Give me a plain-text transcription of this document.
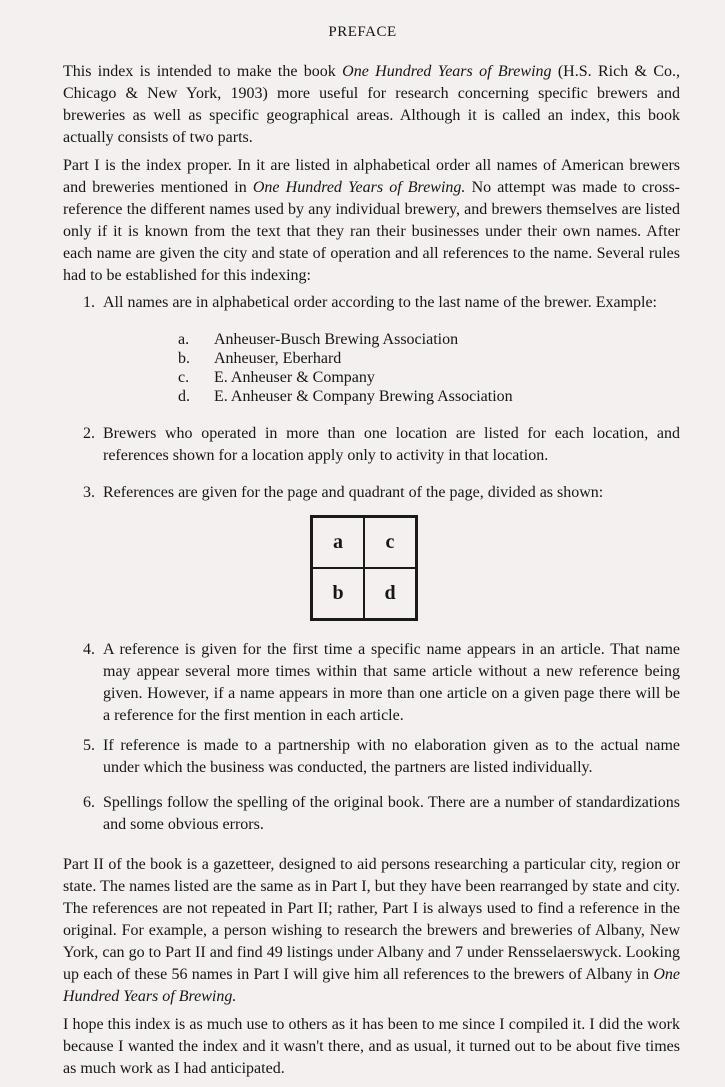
PREFACE

This index is intended to make the book One Hundred Years of Brewing (H.S. Rich & Co., Chicago & New York, 1903) more useful for research concerning specific brewers and breweries as well as specific geographical areas. Although it is called an index, this book actually consists of two parts.

Part I is the index proper. In it are listed in alphabetical order all names of American brewers and breweries mentioned in One Hundred Years of Brewing. No attempt was made to cross-reference the different names used by any individual brewery, and brewers themselves are listed only if it is known from the text that they ran their businesses under their own names. After each name are given the city and state of operation and all references to the name. Several rules had to be established for this indexing:

1. All names are in alphabetical order according to the last name of the brewer. Example:
a.	Anheuser-Busch Brewing Association
b.	Anheuser, Eberhard
c.	E. Anheuser & Company
d.	E. Anheuser & Company Brewing Association
2. Brewers who operated in more than one location are listed for each location, and references shown for a location apply only to activity in that location.
3. References are given for the page and quadrant of the page, divided as shown:
a	c
b	d
4. A reference is given for the first time a specific name appears in an article. That name may appear several more times within that same article without a new reference being given. However, if a name appears in more than one article on a given page there will be a reference for the first mention in each article.
5. If reference is made to a partnership with no elaboration given as to the actual name under which the business was conducted, the partners are listed individually.
6. Spellings follow the spelling of the original book. There are a number of standardizations and some obvious errors.

Part II of the book is a gazetteer, designed to aid persons researching a particular city, region or state. The names listed are the same as in Part I, but they have been rearranged by state and city. The references are not repeated in Part II; rather, Part I is always used to find a reference in the original. For example, a person wishing to research the brewers and breweries of Albany, New York, can go to Part II and find 49 listings under Albany and 7 under Rensselaerswyck. Looking up each of these 56 names in Part I will give him all references to the brewers of Albany in One Hundred Years of Brewing.

I hope this index is as much use to others as it has been to me since I compiled it. I did the work because I wanted the index and it wasn't there, and as usual, it turned out to be about five times as much work as I had anticipated.
